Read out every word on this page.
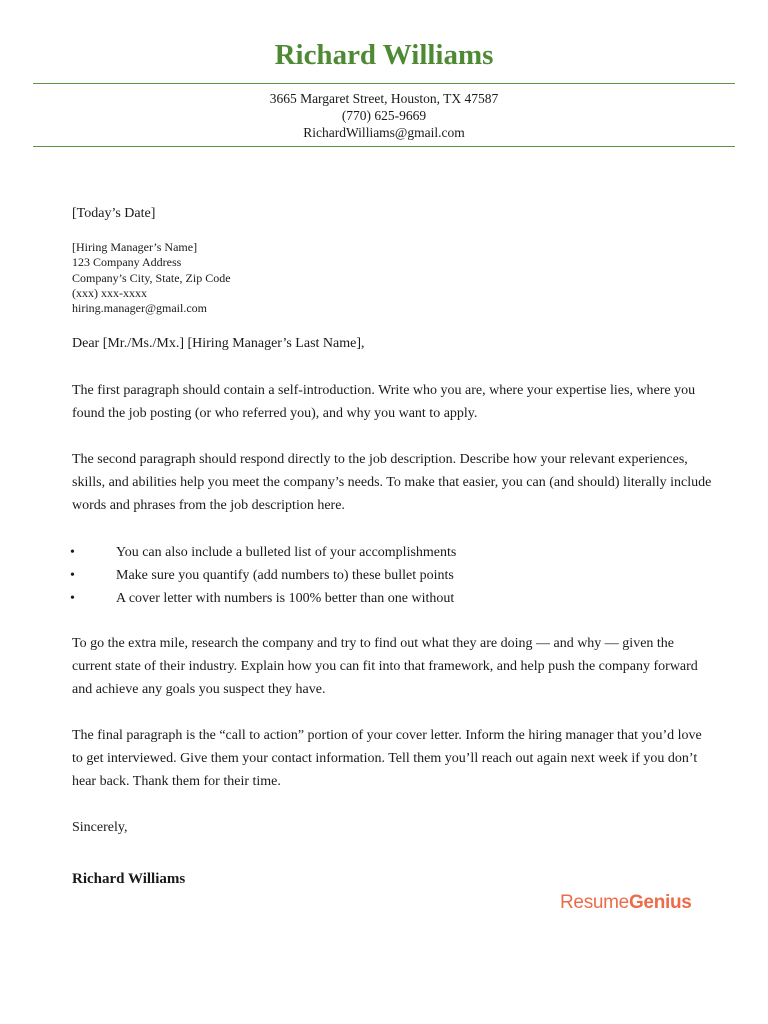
Richard Williams
3665 Margaret Street, Houston, TX 47587
(770) 625-9669
RichardWilliams@gmail.com
[Today’s Date]
[Hiring Manager’s Name]
123 Company Address
Company’s City, State, Zip Code
(xxx) xxx-xxxx
hiring.manager@gmail.com
Dear [Mr./Ms./Mx.] [Hiring Manager’s Last Name],

The first paragraph should contain a self-introduction. Write who you are, where your expertise lies, where you found the job posting (or who referred you), and why you want to apply.

The second paragraph should respond directly to the job description. Describe how your relevant experiences, skills, and abilities help you meet the company’s needs. To make that easier, you can (and should) literally include words and phrases from the job description here.

•	You can also include a bulleted list of your accomplishments
•	Make sure you quantify (add numbers to) these bullet points
•	A cover letter with numbers is 100% better than one without

To go the extra mile, research the company and try to find out what they are doing — and why — given the current state of their industry. Explain how you can fit into that framework, and help push the company forward and achieve any goals you suspect they have.

The final paragraph is the “call to action” portion of your cover letter. Inform the hiring manager that you’d love to get interviewed. Give them your contact information. Tell them you’ll reach out again next week if you don’t hear back. Thank them for their time.

Sincerely,
Richard Williams
ResumeGenius
